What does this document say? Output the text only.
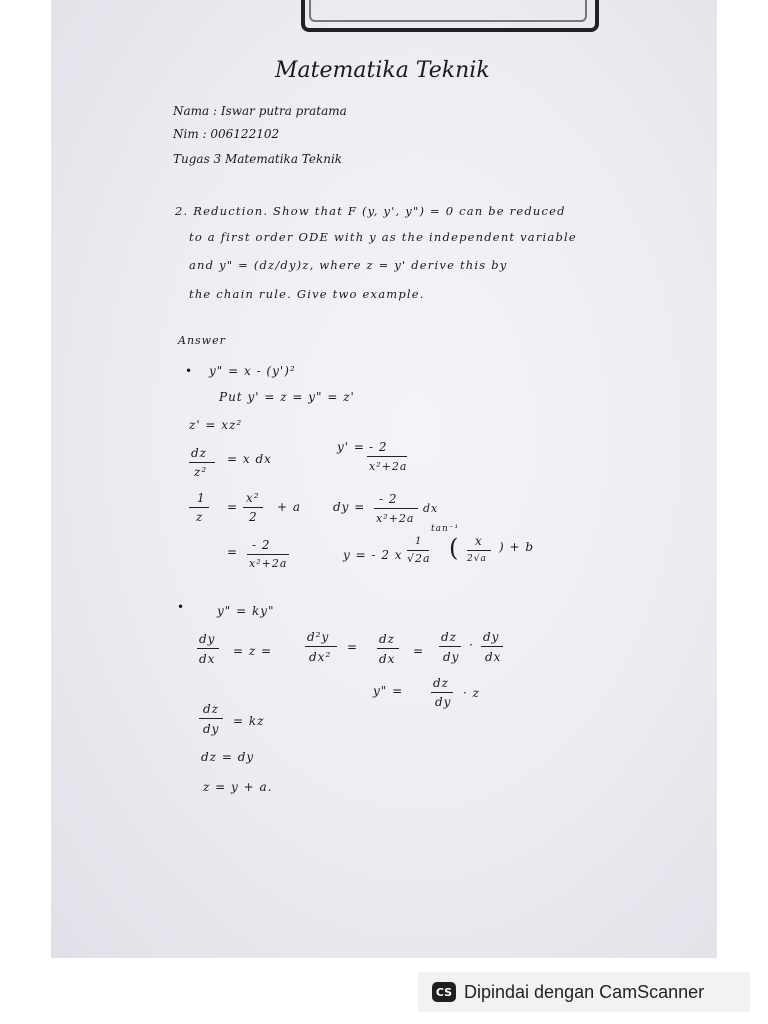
Matematika Teknik
Nama : Iswar putra pratama
Nim : 006122102
Tugas 3 Matematika Teknik
2. Reduction. Show that F (y, y', y") = 0 can be reduced
to a first order ODE with y as the independent variable
and y" = (dz/dy)z, where z = y' derive this by
the chain rule. Give two example.
Answer
• y" = x - (y')²
Put y' = z = y" = z'
z' = xz²
dz
z²
= x dx
1
z
=
x²
2
+ a
= - 2
x²+2a
y' = - 2
x²+2a
dy =
- 2
x²+2a
dx
y = - 2 x
1
√2a
tan⁻¹
( x
2√a
) + b
•	y" = ky"
dy
dx
= z =
d²y
dx²
=
dz
dx
=
dz
dy
·
dy
dx
y" =
dz
dy
· z
dz
dy
= kz
dz = dy
z = y + a.
CS Dipindai dengan CamScanner
